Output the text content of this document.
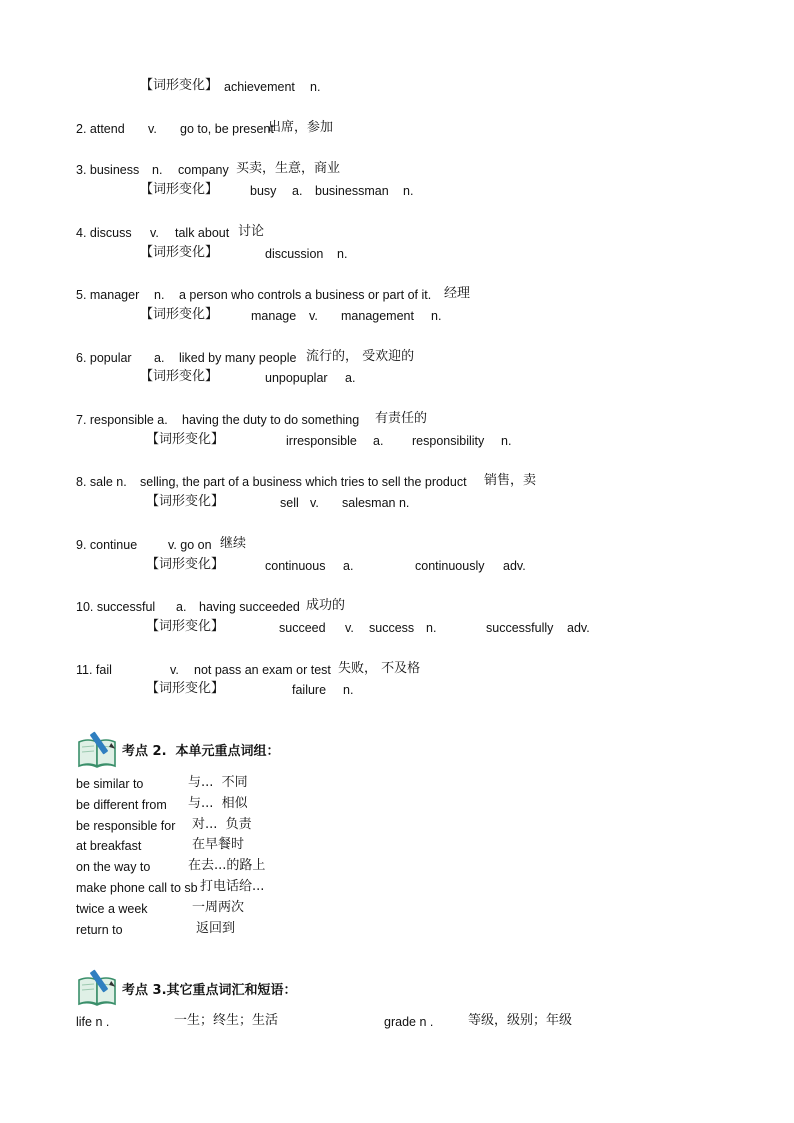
【词形变化】 achievement n.
2. attend v. go to, be present
出席，参加
3. business n. company 买卖，生意，商业
【词形变化】	busy a. businessman n.
4. discuss v. talk about 讨论
【词形变化】	discussion n.
5. manager n. a person who controls a business or part of it. 经理
【词形变化】	manage v. management n.
6. popular a. liked by many people 流行的， 受欢迎的
【词形变化】	unpopuplar a.
7. responsible a. having the duty to do something 有责任的
【词形变化】	irresponsible a. responsibility n.
8. sale n. selling, the part of a business which tries to sell the product 销售，卖
【词形变化】	sell v. salesman n.
9. continue v. go on 继续
【词形变化】	continuous a.	continuously adv.
10. successful a. having succeeded 成功的
【词形变化】	succeed v. success n.	successfully adv.
11. fail	v. not pass an exam or test 失败， 不及格
【词形变化】	failure n.
考点 2.  本单元重点词组：
be similar to	与...  不同
be different from 与...  相似
be responsible for 对...  负责
at breakfast	在早餐时
on the way to	在去...的路上
make phone call to sb 打电话给...
twice a week	一周两次
return to	返回到
考点 3.其它重点词汇和短语：
life n .	一生；终生；生活	grade n .	等级，级别；年级
